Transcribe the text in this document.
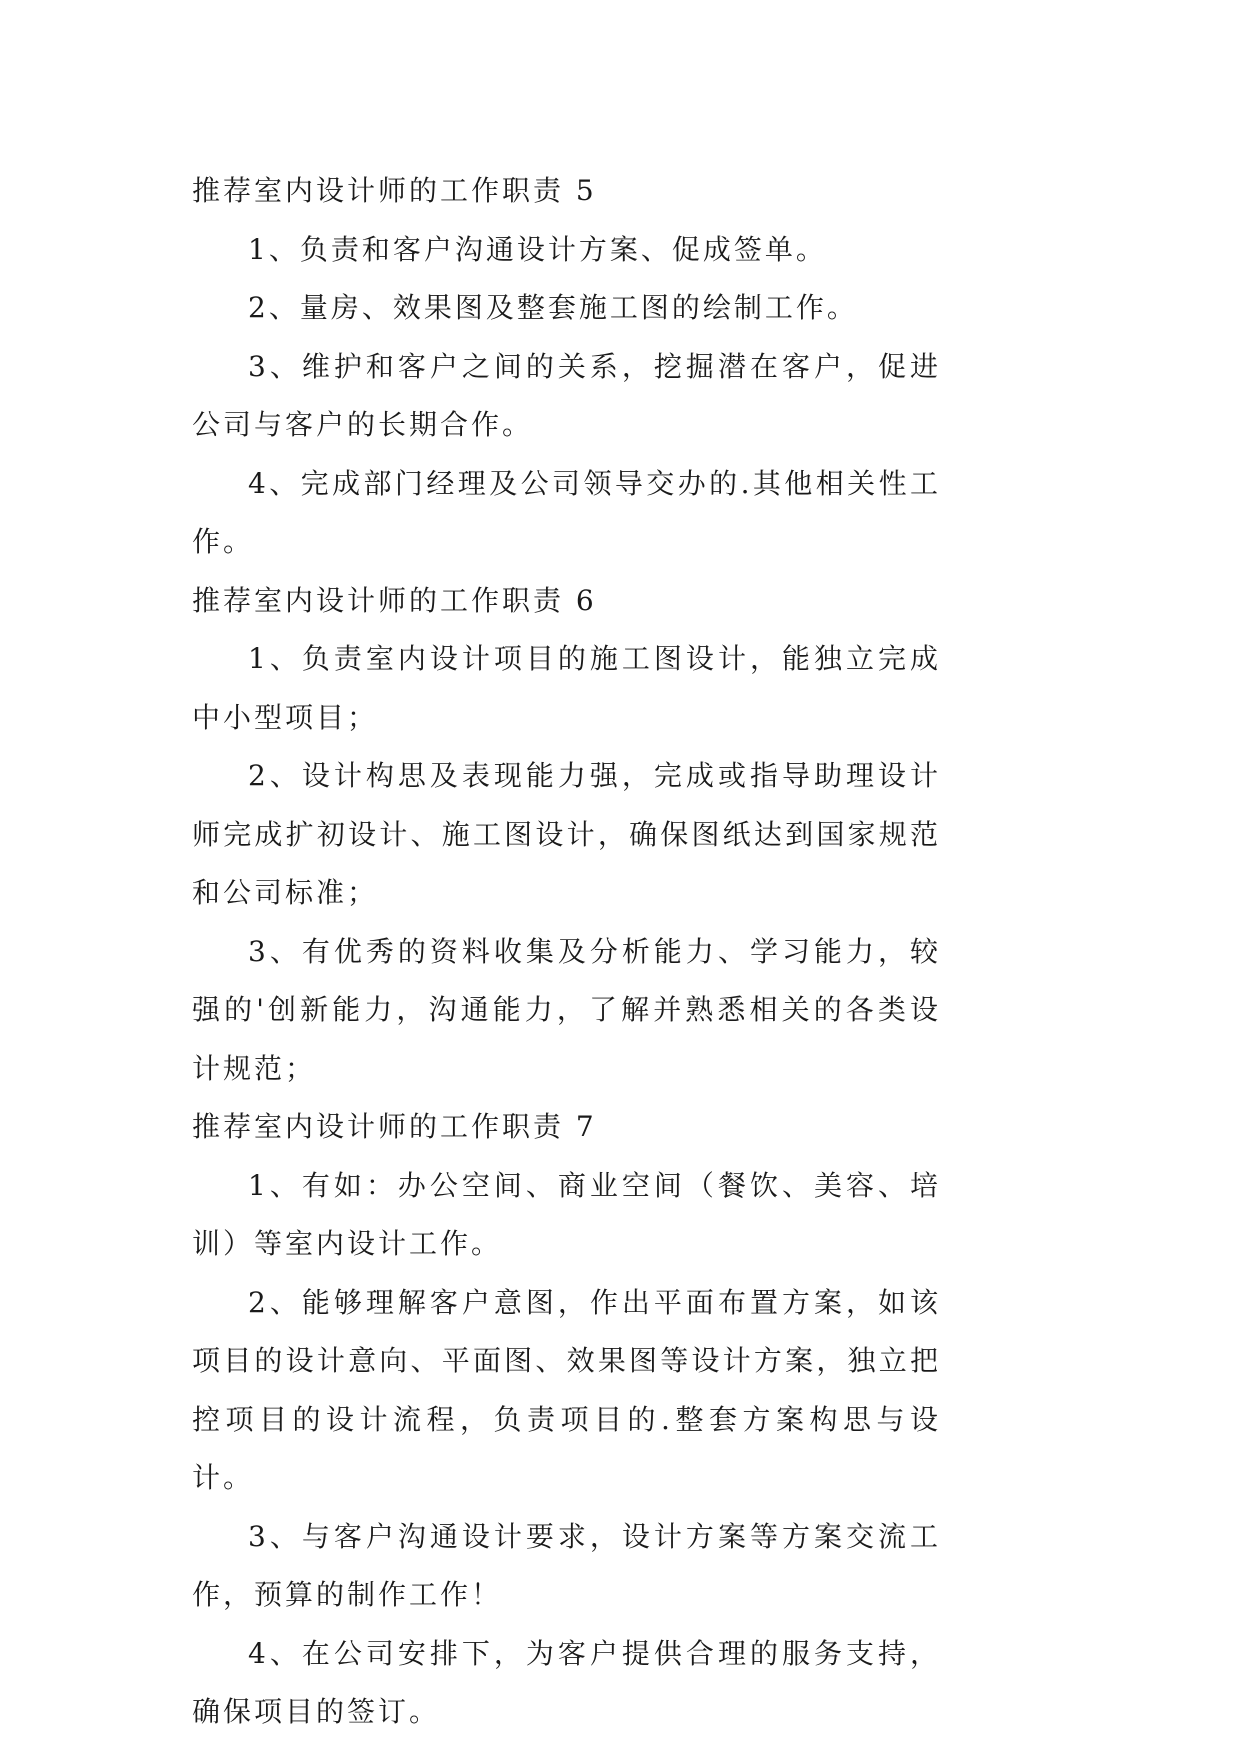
推荐室内设计师的工作职责 5

1、负责和客户沟通设计方案、促成签单。

2、量房、效果图及整套施工图的绘制工作。

3、维护和客户之间的关系，挖掘潜在客户，促进公司与客户的长期合作。

4、完成部门经理及公司领导交办的.其他相关性工作。

推荐室内设计师的工作职责 6

1、负责室内设计项目的施工图设计，能独立完成中小型项目；

2、设计构思及表现能力强，完成或指导助理设计师完成扩初设计、施工图设计，确保图纸达到国家规范和公司标准；

3、有优秀的资料收集及分析能力、学习能力，较强的'创新能力，沟通能力，了解并熟悉相关的各类设计规范；

推荐室内设计师的工作职责 7

1、有如：办公空间、商业空间（餐饮、美容、培训）等室内设计工作。

2、能够理解客户意图，作出平面布置方案，如该项目的设计意向、平面图、效果图等设计方案，独立把控项目的设计流程，负责项目的.整套方案构思与设计。

3、与客户沟通设计要求，设计方案等方案交流工作，预算的制作工作！

4、在公司安排下，为客户提供合理的服务支持，确保项目的签订。
